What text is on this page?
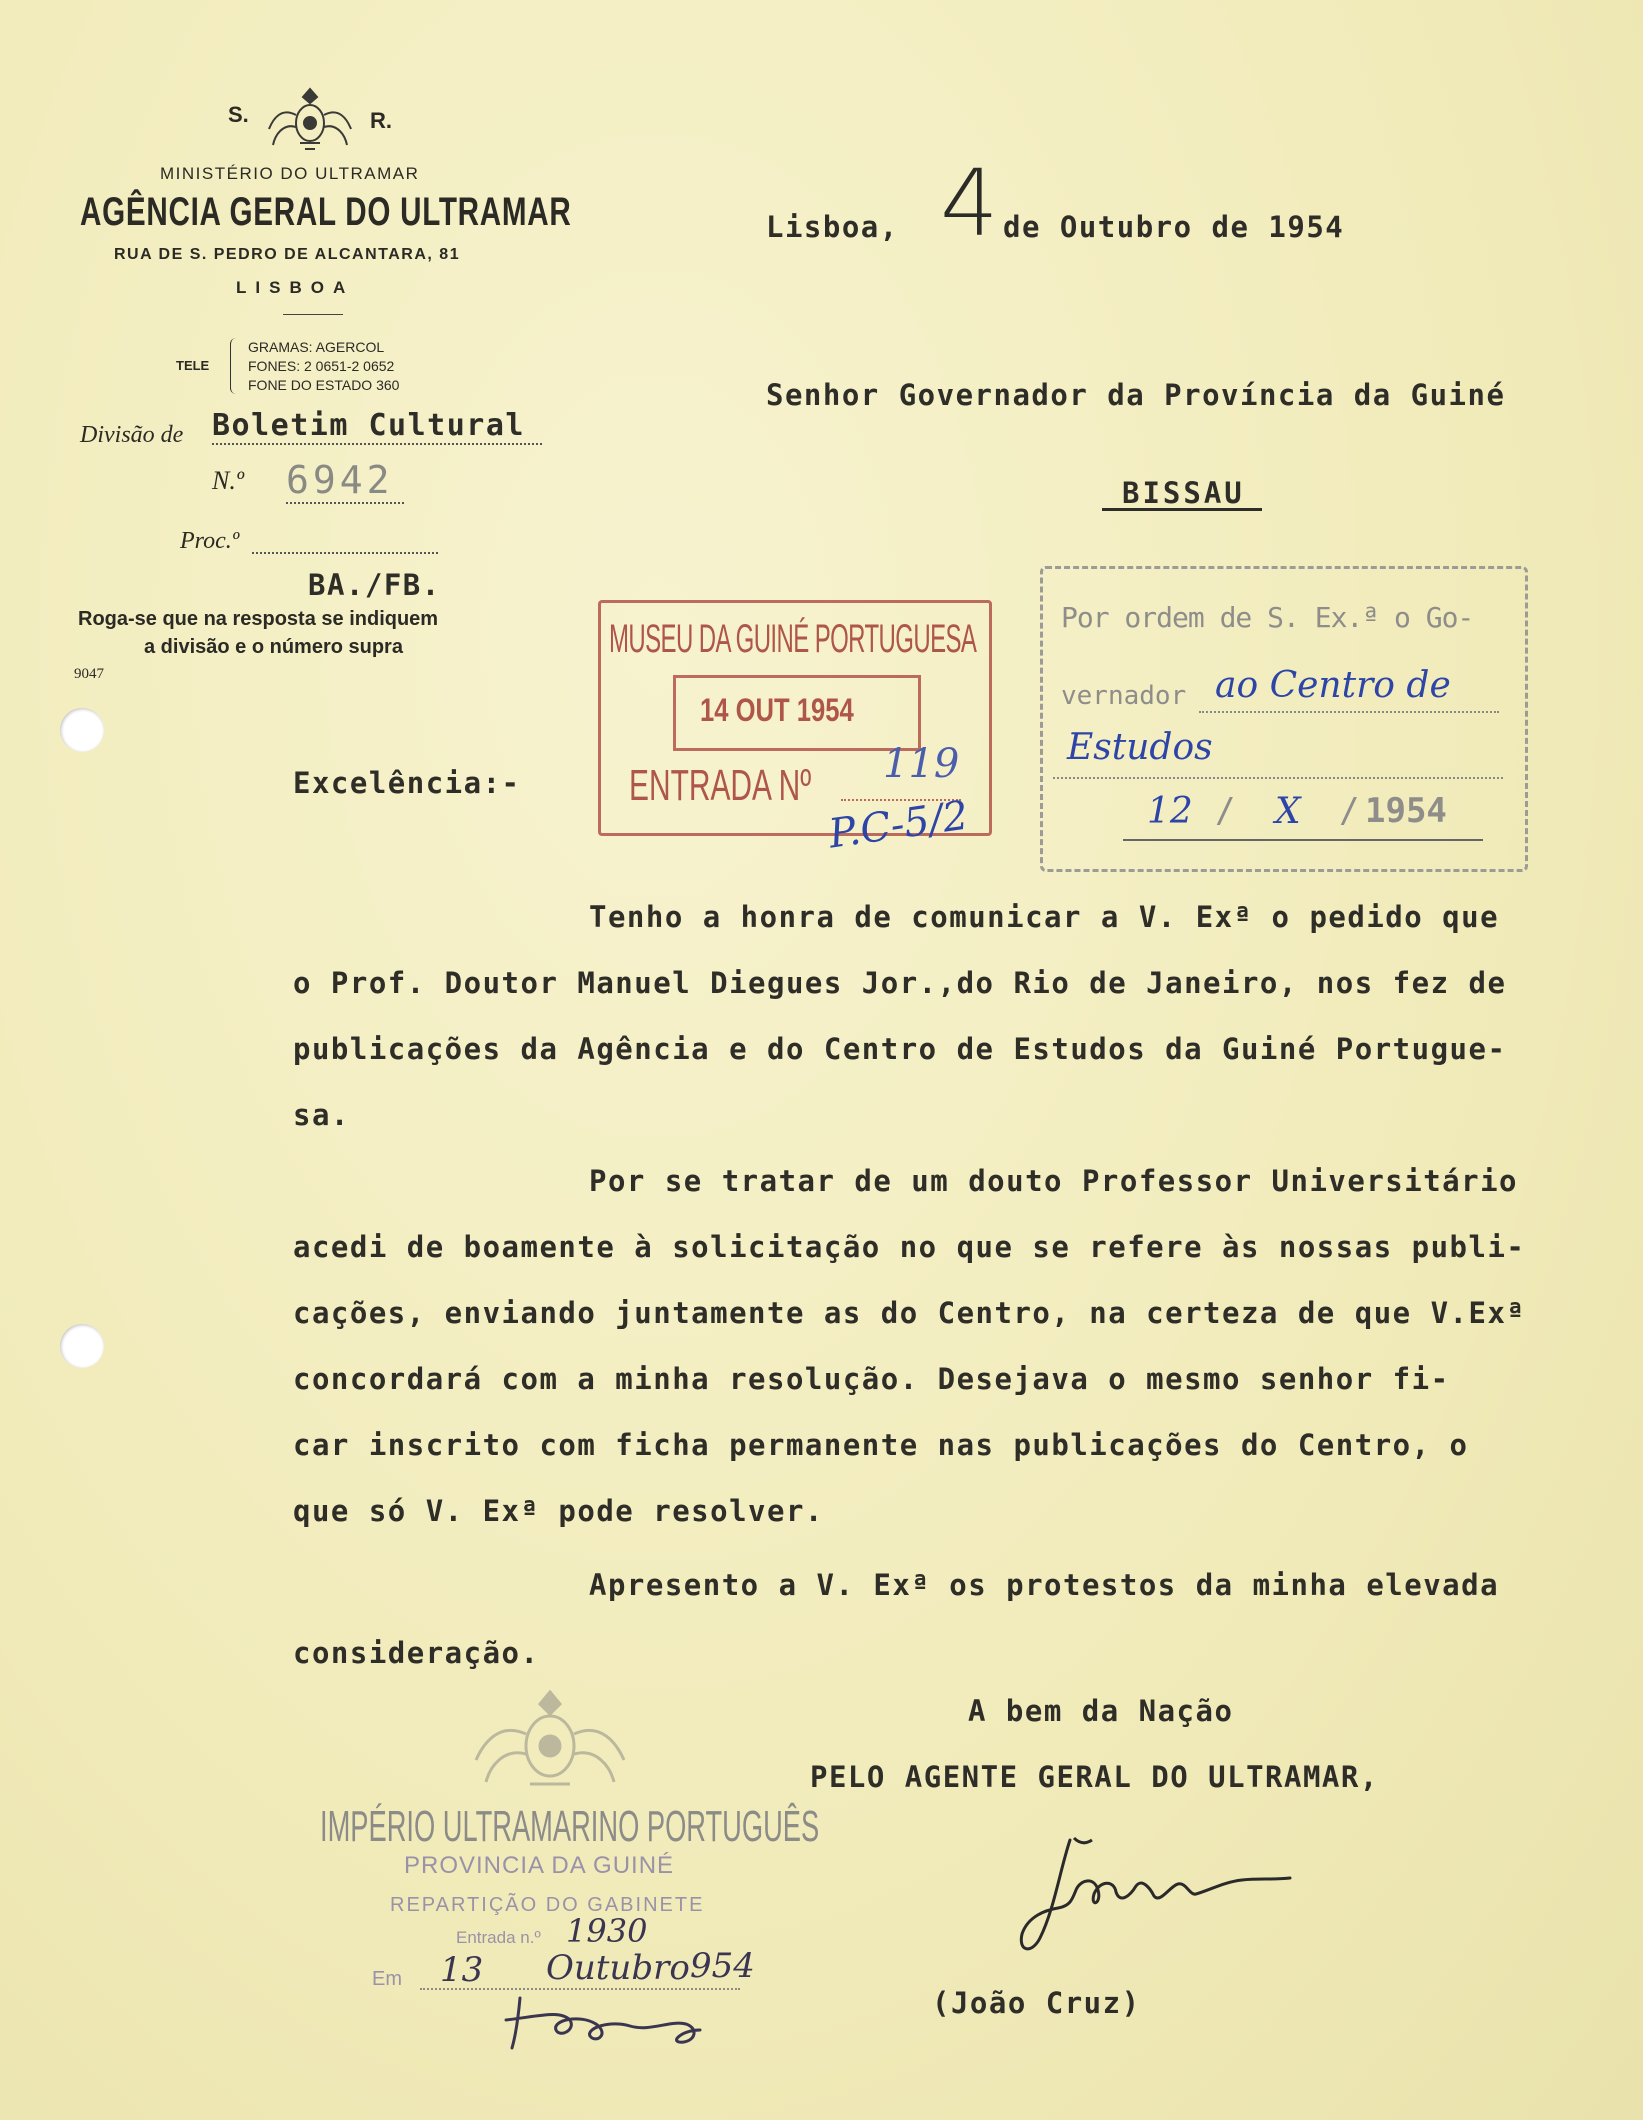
S.	R.
MINISTÉRIO DO ULTRAMAR
AGÊNCIA GERAL DO ULTRAMAR
RUA DE S. PEDRO DE ALCANTARA, 81
LISBOA
TELE
GRAMAS: AGERCOL
FONES: 2 0651-2 0652
FONE DO ESTADO 360
Divisão de Boletim Cultural
N.º 6942
Proc.º
BA./FB.
Roga-se que na resposta se indiquem
a divisão e o número supra
9047
Lisboa, 4 de Outubro de 1954
Senhor Governador da Província da Guiné
BISSAU
MUSEU DA GUINÉ PORTUGUESA
14 OUT 1954
ENTRADA Nº 119
P.C-5/2
Por ordem de S. Ex.ª o Go-
vernador ao Centro de
Estudos
12 / X / 1954
Excelência:-
Tenho a honra de comunicar a V. Exª o pedido que
o Prof. Doutor Manuel Diegues Jor.,do Rio de Janeiro, nos fez de
publicações da Agência e do Centro de Estudos da Guiné Portugue-
sa.
Por se tratar de um douto Professor Universitário
acedi de boamente à solicitação no que se refere às nossas publi-
cações, enviando juntamente as do Centro, na certeza de que V.Exª
concordará com a minha resolução. Desejava o mesmo senhor fi-
car inscrito com ficha permanente nas publicações do Centro, o
que só V. Exª pode resolver.
Apresento a V. Exª os protestos da minha elevada
consideração.
A bem da Nação
PELO AGENTE GERAL DO ULTRAMAR,
(João Cruz)
IMPÉRIO ULTRAMARINO PORTUGUÊS
PROVINCIA DA GUINÉ
REPARTIÇÃO DO GABINETE
Entrada n.º 1930
Em 13 Outubro 954
